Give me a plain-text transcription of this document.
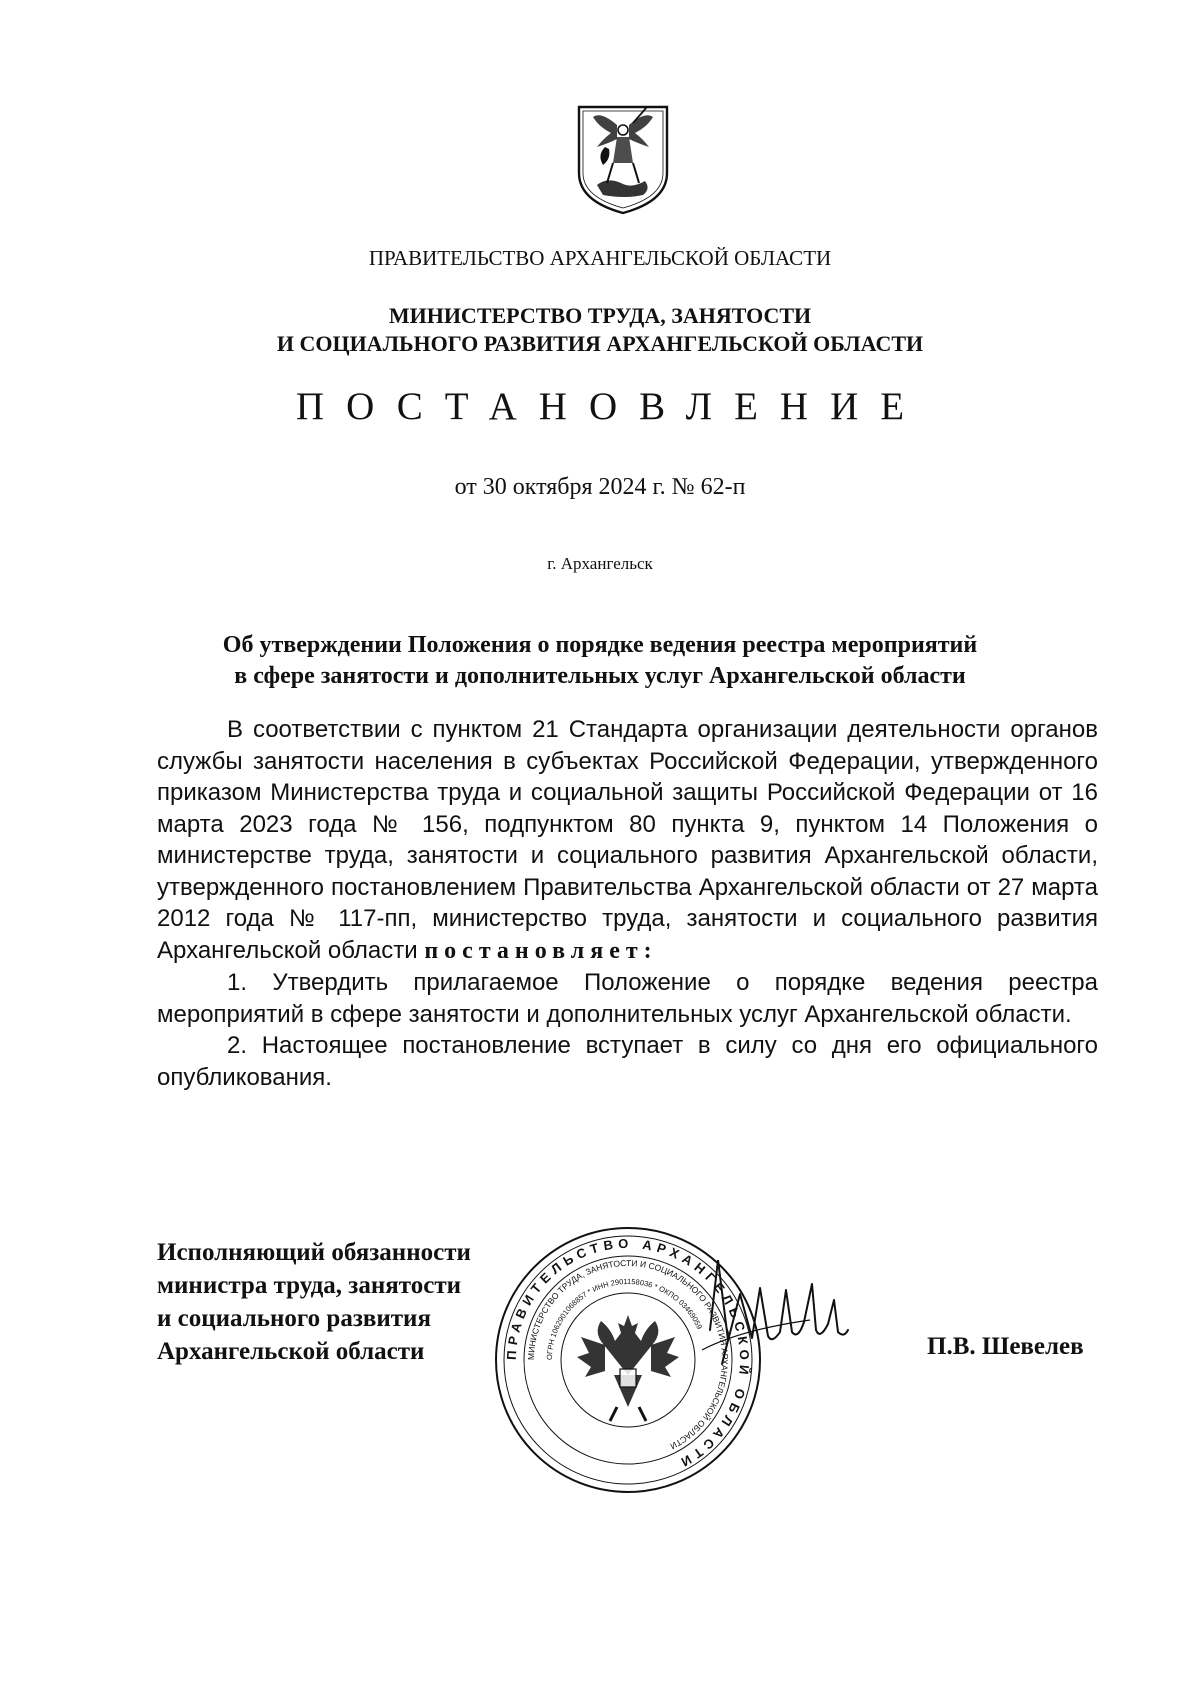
ПРАВИТЕЛЬСТВО АРХАНГЕЛЬСКОЙ ОБЛАСТИ
МИНИСТЕРСТВО ТРУДА, ЗАНЯТОСТИ
И СОЦИАЛЬНОГО РАЗВИТИЯ АРХАНГЕЛЬСКОЙ ОБЛАСТИ
ПОСТАНОВЛЕНИЕ
от 30 октября 2024 г. № 62-п
г. Архангельск
Об утверждении Положения о порядке ведения реестра мероприятий
в сфере занятости и дополнительных услуг Архангельской области

В соответствии с пунктом 21 Стандарта организации деятельности органов службы занятости населения в субъектах Российской Федерации, утвержденного приказом Министерства труда и социальной защиты Российской Федерации от 16 марта 2023 года № 156, подпунктом 80 пункта 9, пунктом 14 Положения о министерстве труда, занятости и социального развития Архангельской области, утвержденного постановлением Правительства Архангельской области от 27 марта 2012 года № 117-пп, министерство труда, занятости и социального развития Архангельской области постановляет:

1. Утвердить прилагаемое Положение о порядке ведения реестра мероприятий в сфере занятости и дополнительных услуг Архангельской области.

2. Настоящее постановление вступает в силу со дня его официального опубликования.

Исполняющий обязанности
министра труда, занятости
и социального развития
Архангельской области	ПРАВИТЕЛЬСТВО АРХАНГЕЛЬСКОЙ ОБЛАСТИ
МИНИСТЕРСТВО ТРУДА, ЗАНЯТОСТИ И СОЦИАЛЬНОГО РАЗВИТИЯ АРХАНГЕЛЬСКОЙ ОБЛАСТИ
ОГРН 1062901068857 * ИНН 2901158036 * ОКПО 03469059
П.В. Шевелев
